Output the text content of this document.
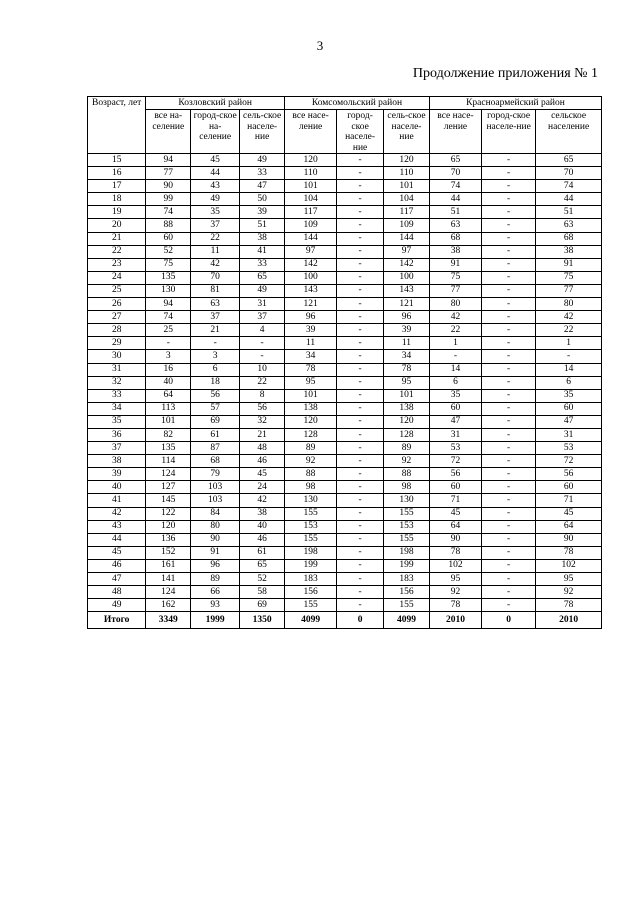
3
Продолжение приложения № 1
Возраст, лет	Козловский район			Комсомольский район			Красноармейский район		
	все на-селение	город-ское на-селение	сель-ское населе-ние	все насе-ление	город-ское населе-ние	сель-ское населе-ние	все насе-ление	город-ское населе-ние	сельское население
15	94	45	49	120	-	120	65	-	65
16	77	44	33	110	-	110	70	-	70
17	90	43	47	101	-	101	74	-	74
18	99	49	50	104	-	104	44	-	44
19	74	35	39	117	-	117	51	-	51
20	88	37	51	109	-	109	63	-	63
21	60	22	38	144	-	144	68	-	68
22	52	11	41	97	-	97	38	-	38
23	75	42	33	142	-	142	91	-	91
24	135	70	65	100	-	100	75	-	75
25	130	81	49	143	-	143	77	-	77
26	94	63	31	121	-	121	80	-	80
27	74	37	37	96	-	96	42	-	42
28	25	21	4	39	-	39	22	-	22
29	-	-	-	11	-	11	1	-	1
30	3	3	-	34	-	34	-	-	-
31	16	6	10	78	-	78	14	-	14
32	40	18	22	95	-	95	6	-	6
33	64	56	8	101	-	101	35	-	35
34	113	57	56	138	-	138	60	-	60
35	101	69	32	120	-	120	47	-	47
36	82	61	21	128	-	128	31	-	31
37	135	87	48	89	-	89	53	-	53
38	114	68	46	92	-	92	72	-	72
39	124	79	45	88	-	88	56	-	56
40	127	103	24	98	-	98	60	-	60
41	145	103	42	130	-	130	71	-	71
42	122	84	38	155	-	155	45	-	45
43	120	80	40	153	-	153	64	-	64
44	136	90	46	155	-	155	90	-	90
45	152	91	61	198	-	198	78	-	78
46	161	96	65	199	-	199	102	-	102
47	141	89	52	183	-	183	95	-	95
48	124	66	58	156	-	156	92	-	92
49	162	93	69	155	-	155	78	-	78
Итого	3349	1999	1350	4099	0	4099	2010	0	2010
